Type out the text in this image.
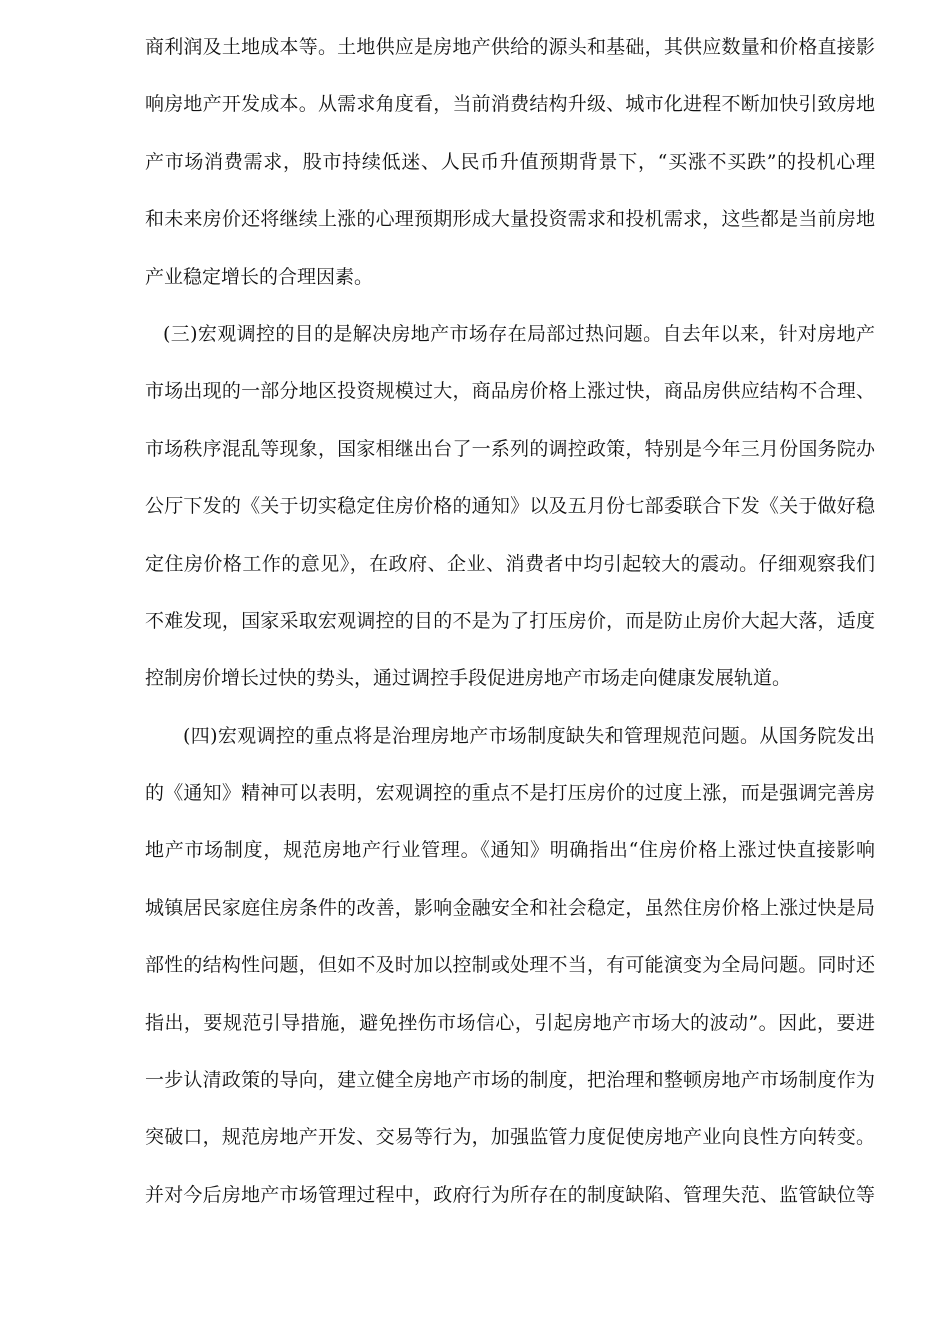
商利润及土地成本等。土地供应是房地产供给的源头和基础，其供应数量和价格直接影
响房地产开发成本。从需求角度看，当前消费结构升级、城市化进程不断加快引致房地
产市场消费需求，股市持续低迷、人民币升值预期背景下，“买涨不买跌”的投机心理
和未来房价还将继续上涨的心理预期形成大量投资需求和投机需求，这些都是当前房地
产业稳定增长的合理因素。
(三)宏观调控的目的是解决房地产市场存在局部过热问题。自去年以来，针对房地产
市场出现的一部分地区投资规模过大，商品房价格上涨过快，商品房供应结构不合理、
市场秩序混乱等现象，国家相继出台了一系列的调控政策，特别是今年三月份国务院办
公厅下发的《关于切实稳定住房价格的通知》以及五月份七部委联合下发《关于做好稳
定住房价格工作的意见》，在政府、企业、消费者中均引起较大的震动。仔细观察我们
不难发现，国家采取宏观调控的目的不是为了打压房价，而是防止房价大起大落，适度
控制房价增长过快的势头，通过调控手段促进房地产市场走向健康发展轨道。
(四)宏观调控的重点将是治理房地产市场制度缺失和管理规范问题。从国务院发出
的《通知》精神可以表明，宏观调控的重点不是打压房价的过度上涨，而是强调完善房
地产市场制度，规范房地产行业管理。《通知》明确指出“住房价格上涨过快直接影响
城镇居民家庭住房条件的改善，影响金融安全和社会稳定，虽然住房价格上涨过快是局
部性的结构性问题，但如不及时加以控制或处理不当，有可能演变为全局问题。同时还
指出，要规范引导措施，避免挫伤市场信心，引起房地产市场大的波动”。因此，要进
一步认清政策的导向，建立健全房地产市场的制度，把治理和整顿房地产市场制度作为
突破口，规范房地产开发、交易等行为，加强监管力度促使房地产业向良性方向转变。
并对今后房地产市场管理过程中，政府行为所存在的制度缺陷、管理失范、监管缺位等
